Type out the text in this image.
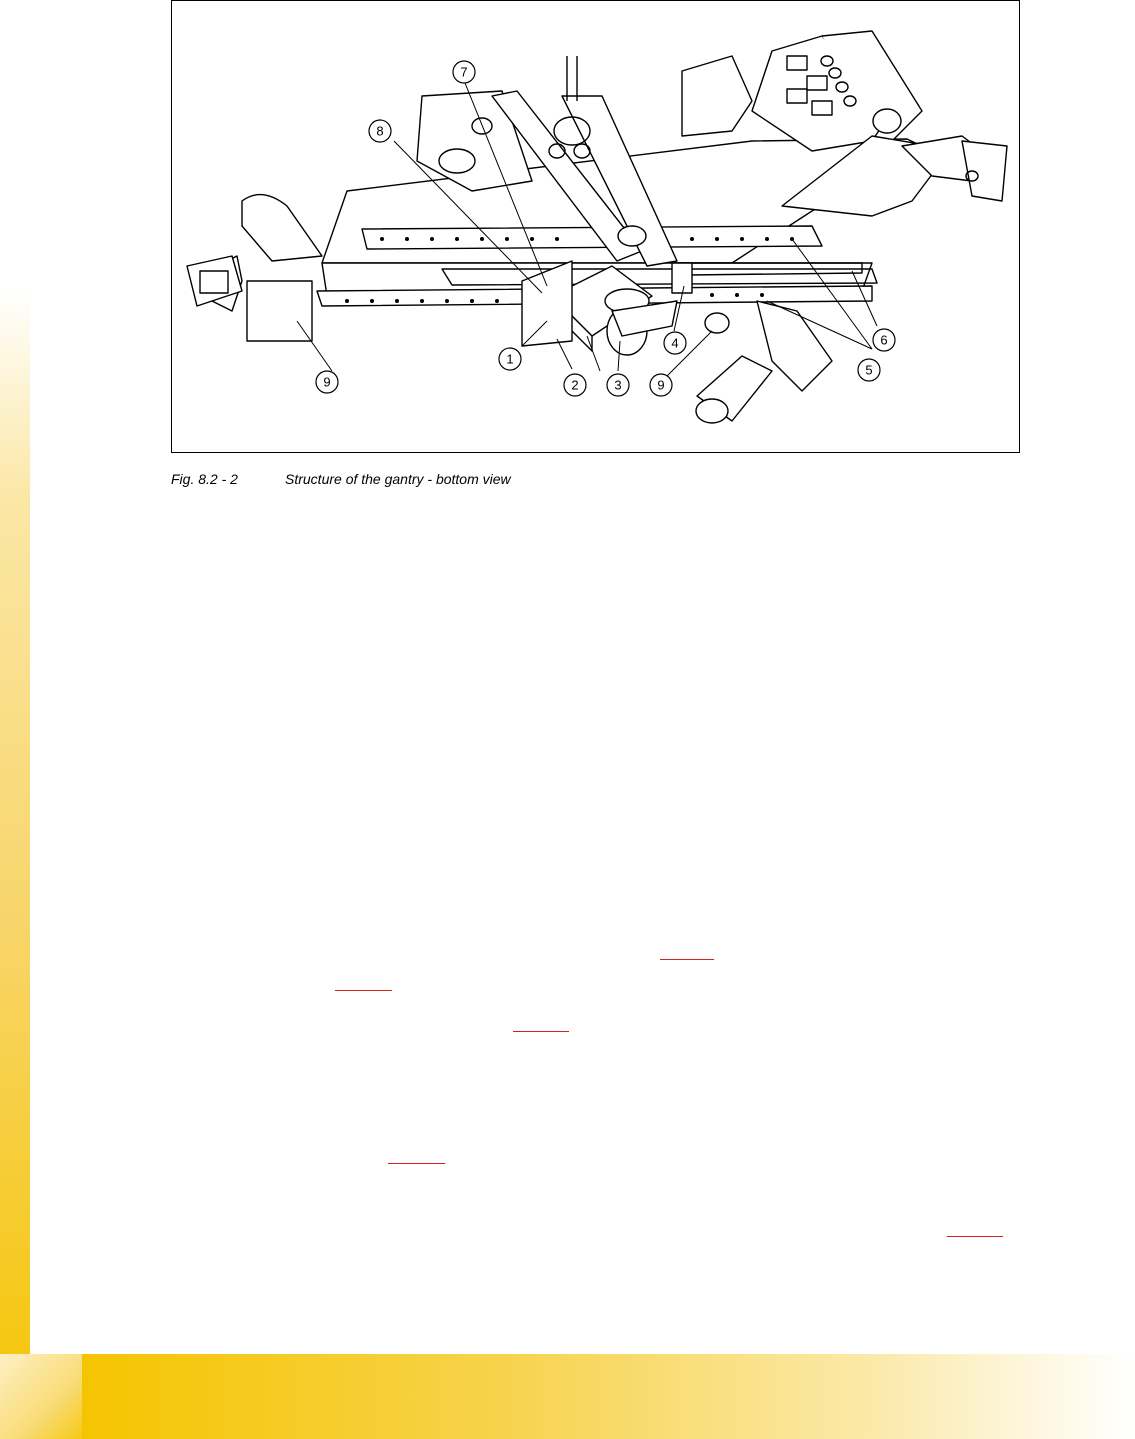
1
2	3
4
5
6
7
8
9	9
Fig. 8.2 - 2	Structure of the gantry - bottom view
